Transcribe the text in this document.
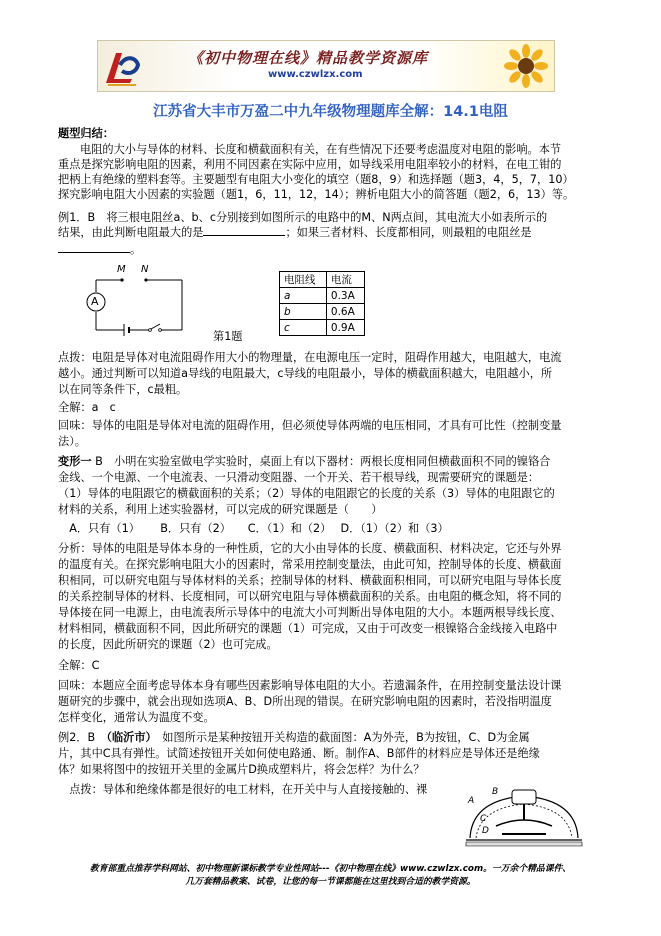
《初中物理在线》精品教学资源库
www.czwlzx.com
江苏省大丰市万盈二中九年级物理题库全解：14.1电阻
题型归结：
电阻的大小与导体的材料、长度和横截面积有关，在有些情况下还要考虑温度对电阻的影响。本节
重点是探究影响电阻的因素，利用不同因素在实际中应用，如导线采用电阻率较小的材料，在电工钳的
把柄上有绝缘的塑料套等。主要题型有电阻大小变化的填空（题8，9）和选择题（题3，4，5，7，10）
探究影响电阻大小因素的实验题（题1，6，11，12，14）；辨析电阻大小的简答题（题2，6，13）等。
例1．B　将三根电阻丝a、b、c分别接到如图所示的电路中的M、N两点间，其电流大小如表所示的
结果，由此判断电阻最大的是	；如果三者材料、长度都相同，则最粗的电阻丝是
。
A
M N
第1题
电阻线	电流
a	0.3A
b	0.6A
c	0.9A
点拨：电阻是导体对电流阻碍作用大小的物理量，在电源电压一定时，阻碍作用越大，电阻越大，电流
越小。通过判断可以知道a导线的电阻最大，c导线的电阻最小，导体的横截面积越大，电阻越小，所
以在同等条件下，c最粗。
全解：a　c
回味：导体的电阻是导体对电流的阻碍作用，但必须使导体两端的电压相同，才具有可比性（控制变量
法）。
变形一 B　小明在实验室做电学实验时，桌面上有以下器材：两根长度相同但横截面积不同的镍铬合
金线、一个电源、一个电流表、一只滑动变阻器、一个开关、若干根导线，现需要研究的课题是：
（1）导体的电阻跟它的横截面积的关系；（2）导体的电阻跟它的长度的关系（3）导体的电阻跟它的
材料的关系，利用上述实验器材，可以完成的研究课题是（　　）
　A．只有（1）　　 B．只有（2）　　C．（1）和（2）　 D．（1）（2）和（3）
分析：导体的电阻是导体本身的一种性质，它的大小由导体的长度、横截面积、材料决定，它还与外界
的温度有关。在探究影响电阻大小的因素时，常采用控制变量法，由此可知，控制导体的长度、横截面
积相同，可以研究电阻与导体材料的关系；控制导体的材料、横截面积相同，可以研究电阻与导体长度
的关系控制导体的材料、长度相同，可以研究电阻与导体横截面积的关系。由电阻的概念知，将不同的
导体接在同一电源上，由电流表所示导体中的电流大小可判断出导体电阻的大小。本题两根导线长度、
材料相同，横截面积不同，因此所研究的课题（1）可完成，又由于可改变一根镍铬合金线接入电路中
的长度，因此所研究的课题（2）也可完成。
全解：C
回味：本题应全面考虑导体本身有哪些因素影响导体电阻的大小。若遗漏条件，在用控制变量法设计课
题研究的步骤中，就会出现如选项A、B、D所出现的错误。在研究影响电阻的因素时，若没指明温度
怎样变化，通常认为温度不变。
例2．B　（临沂市）　如图所示是某种按钮开关构造的截面图：A为外壳，B为按钮，C、D为金属
片，其中C具有弹性。试简述按钮开关如何使电路通、断。制作A、B部件的材料应是导体还是绝缘
体？如果将图中的按钮开关里的金属片D换成塑料片，将会怎样？为什么？
　点拨：导体和绝缘体都是很好的电工材料，在开关中与人直接接触的、裸
A
B
C
D
教育部重点推荐学科网站、初中物理新课标教学专业性网站---《初中物理在线》www.czwlzx.com。一万余个精品课件、
几万套精品教案、试卷，让您的每一节课都能在这里找到合适的教学资源。
